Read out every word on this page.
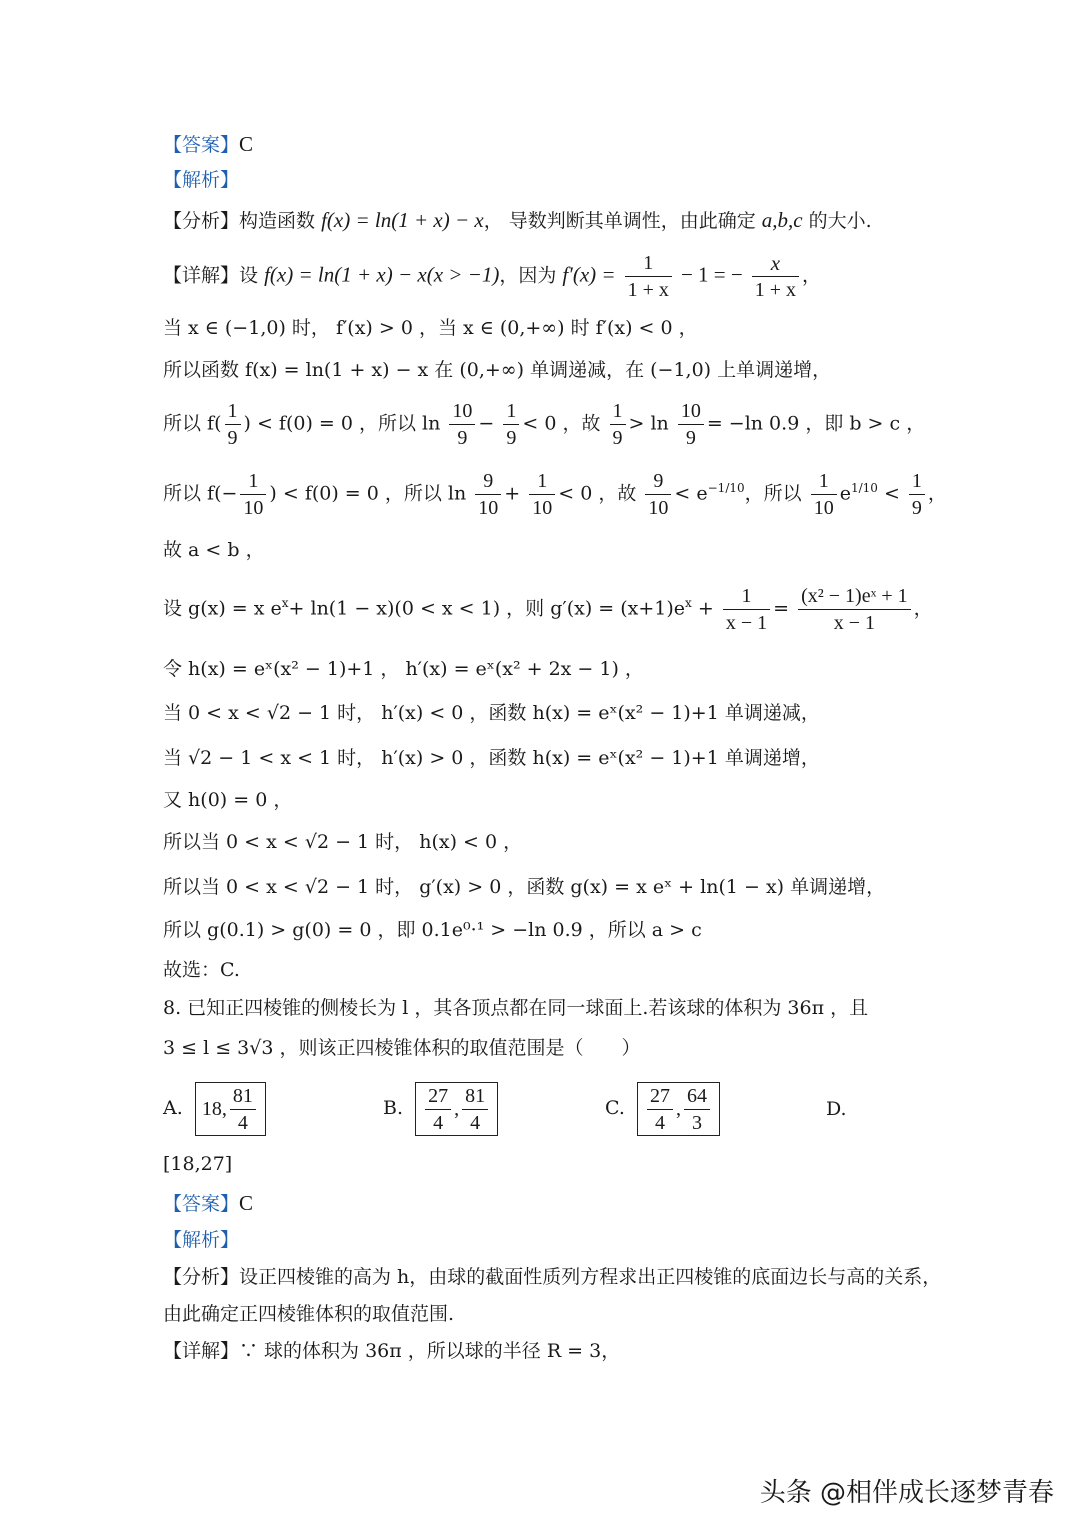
【答案】C
【解析】
【分析】构造函数 f(x) = ln(1 + x) − x， 导数判断其单调性，由此确定 a,b,c 的大小.
【详解】设 f(x) = ln(1 + x) − x(x > −1)，因为 $f'(x) = \frac{1}{1 + x} - 1$ = − $\frac{x}{1 + x}$ ，
当 x ∈ (−1,0) 时， f′(x) > 0 ，当 x ∈ (0,+∞) 时 f′(x) < 0 ，
所以函数 f(x) = ln(1 + x) − x 在 (0,+∞) 单调递减，在 (−1,0) 上单调递增，
所以 $f( \frac{1}{9}$ ) < f(0) = 0 ，所以 $\ln \frac{10}{9} - \frac{1}{9} < 0$ ，故 $\frac{1}{9} > \ln \frac{10}{9} = -\ln$ 0.9 ，即 b > c ，
所以 $f(- \frac{1}{10}$ ) < f(0) = 0 ，所以 $\ln \frac{9}{10} + \frac{1}{10} < 0$ ，故 $\frac{9}{10} < e^{-1/10}$，所以 $\frac{1}{10} e^{1/10} < \frac{1}{9}$ ，
故 a < b ，
设 g(x) = x $e^x+ \ln(1 - x)(0 < x < 1)$ ，则 $g'(x) = (x+1)e^x + \frac{1}{x - 1} = \frac{\text{(x² − 1)eˣ + 1}}{x - 1}$ ，
令 h(x) = eˣ(x² − 1)+1 ， h′(x) = eˣ(x² + 2x − 1) ，
当 0 < x < √2 − 1 时， h′(x) < 0 ，函数 h(x) = eˣ(x² − 1)+1 单调递减，
当 √2 − 1 < x < 1 时， h′(x) > 0 ，函数 h(x) = eˣ(x² − 1)+1 单调递增，
又 h(0) = 0 ，
所以当 0 < x < √2 − 1 时， h(x) < 0 ，
所以当 0 < x < √2 − 1 时， g′(x) > 0 ，函数 g(x) = x eˣ + ln(1 − x) 单调递增，
所以 g(0.1) > g(0) = 0 ，即 0.1e⁰·¹ > −ln 0.9 ，所以 a > c
故选：C.
8. 已知正四棱锥的侧棱长为 l ，其各顶点都在同一球面上.若该球的体积为 36π ，且
3 ≤ l ≤ 3√3 ，则该正四棱锥体积的取值范围是（　　）
A. 18, $\frac{81}{4}$	B. $\frac{27}{4}$ , $\frac{81}{4}$	C. $\frac{27}{4}$ , $\frac{64}{3}$	D.
[18,27]
【答案】C
【解析】
【分析】设正四棱锥的高为 h，由球的截面性质列方程求出正四棱锥的底面边长与高的关系，
由此确定正四棱锥体积的取值范围.
【详解】∵ 球的体积为 36π ，所以球的半径 R = 3，
头条 @相伴成长逐梦青春
